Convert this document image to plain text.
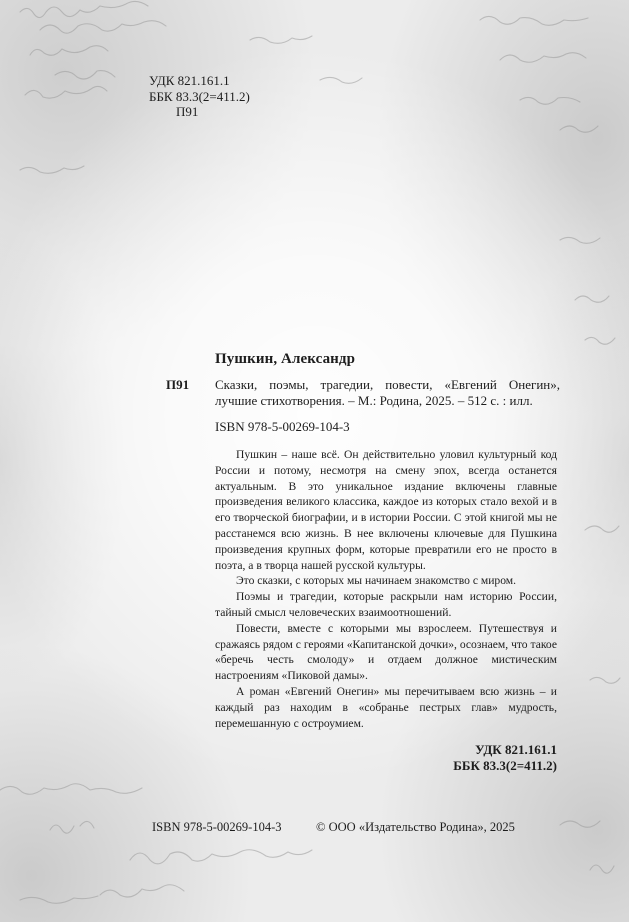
УДК 821.161.1
ББК 83.3(2=411.2)
П91
Пушкин, Александр
П91 Сказки, поэмы, трагедии, повести, «Евгений Онегин», лучшие стихотворения. – М.: Родина, 2025. – 512 с. : илл.
ISBN 978-5-00269-104-3

Пушкин – наше всё. Он действительно уловил культурный код России и потому, несмотря на смену эпох, всегда останется актуальным. В это уникальное издание включены главные произведения великого классика, каждое из которых стало вехой и в его творческой биографии, и в истории России. С этой книгой мы не расстанемся всю жизнь. В нее включены ключевые для Пушкина произведения крупных форм, которые превратили его не просто в поэта, а в творца нашей русской культуры.

Это сказки, с которых мы начинаем знакомство с миром.

Поэмы и трагедии, которые раскрыли нам историю России, тайный смысл человеческих взаимоотношений.

Повести, вместе с которыми мы взрослеем. Путешествуя и сражаясь рядом с героями «Капитанской дочки», осознаем, что такое «беречь честь смолоду» и отдаем должное мистическим настроениям «Пиковой дамы».

А роман «Евгений Онегин» мы перечитываем всю жизнь – и каждый раз находим в «собранье пестрых глав» мудрость, перемешанную с остроумием.

УДК 821.161.1
ББК 83.3(2=411.2)
ISBN 978-5-00269-104-3	© ООО «Издательство Родина», 2025
